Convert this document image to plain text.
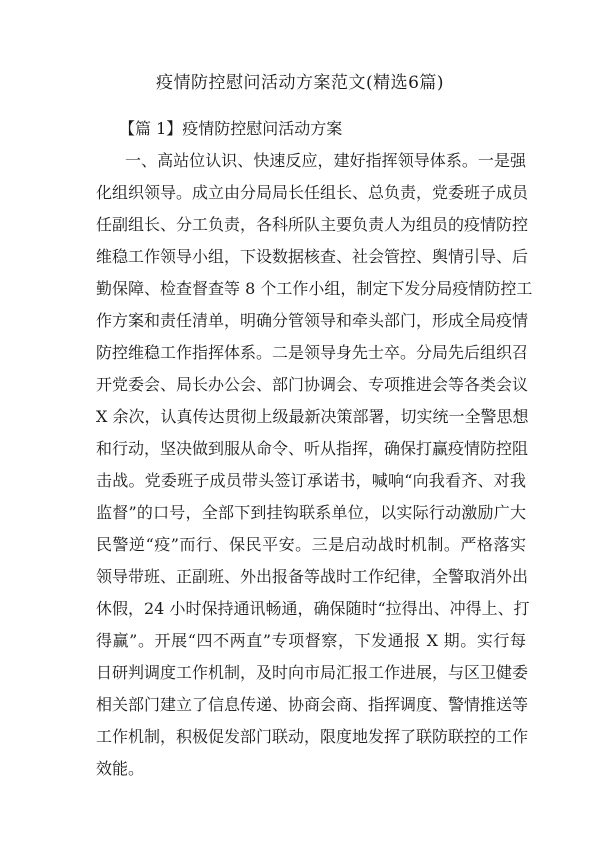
疫情防控慰问活动方案范文(精选6篇)
【篇 1】疫情防控慰问活动方案
一、高站位认识、快速反应，建好指挥领导体系。一是强
化组织领导。成立由分局局长任组长、总负责，党委班子成员
任副组长、分工负责，各科所队主要负责人为组员的疫情防控
维稳工作领导小组，下设数据核查、社会管控、舆情引导、后
勤保障、检查督查等 8 个工作小组，制定下发分局疫情防控工
作方案和责任清单，明确分管领导和牵头部门，形成全局疫情
防控维稳工作指挥体系。二是领导身先士卒。分局先后组织召
开党委会、局长办公会、部门协调会、专项推进会等各类会议
X 余次，认真传达贯彻上级最新决策部署，切实统一全警思想
和行动，坚决做到服从命令、听从指挥，确保打赢疫情防控阻
击战。党委班子成员带头签订承诺书，喊响“向我看齐、对我
监督”的口号，全部下到挂钩联系单位，以实际行动激励广大
民警逆“疫”而行、保民平安。三是启动战时机制。严格落实
领导带班、正副班、外出报备等战时工作纪律，全警取消外出
休假，24 小时保持通讯畅通，确保随时“拉得出、冲得上、打
得赢”。开展“四不两直”专项督察，下发通报 X 期。实行每
日研判调度工作机制，及时向市局汇报工作进展，与区卫健委
相关部门建立了信息传递、协商会商、指挥调度、警情推送等
工作机制，积极促发部门联动，限度地发挥了联防联控的工作
效能。
